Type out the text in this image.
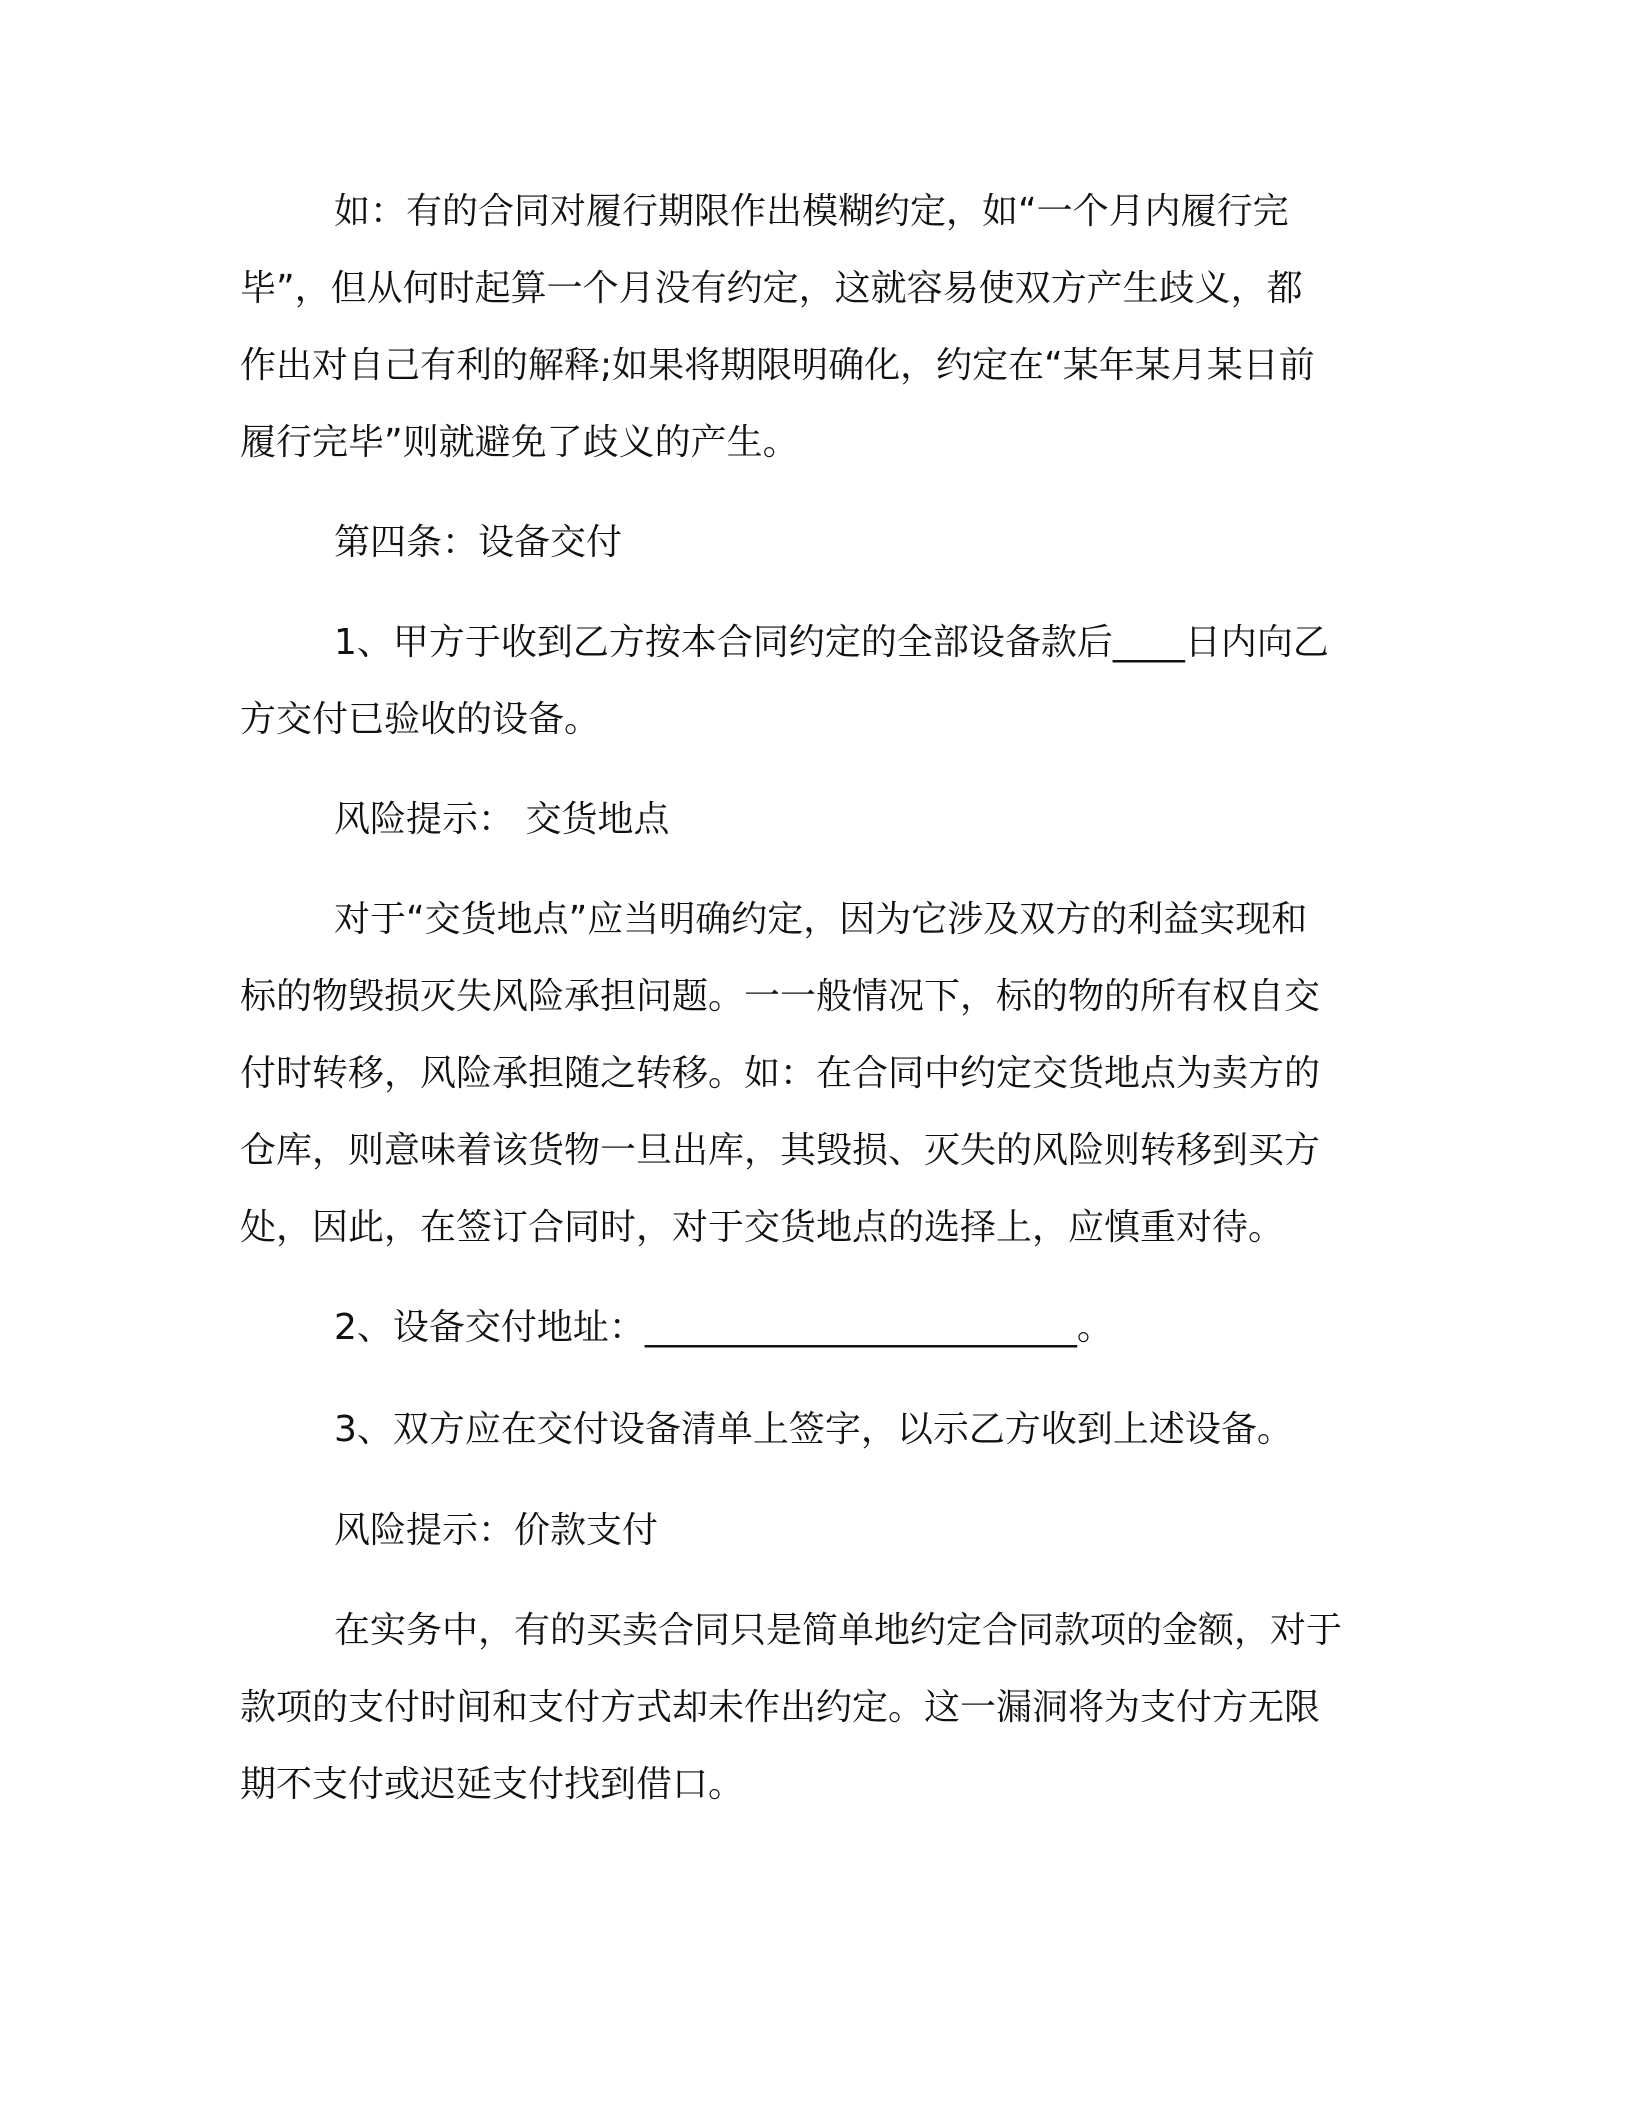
如：有的合同对履行期限作出模糊约定，如“一个月内履行完
毕”，但从何时起算一个月没有约定，这就容易使双方产生歧义，都
作出对自己有利的解释;如果将期限明确化，约定在“某年某月某日前
履行完毕”则就避免了歧义的产生。
第四条：设备交付
1、甲方于收到乙方按本合同约定的全部设备款后____日内向乙
方交付已验收的设备。
风险提示： 交货地点
对于“交货地点”应当明确约定，因为它涉及双方的利益实现和
标的物毁损灭失风险承担问题。一一般情况下，标的物的所有权自交
付时转移，风险承担随之转移。如：在合同中约定交货地点为卖方的
仓库，则意味着该货物一旦出库，其毁损、灭失的风险则转移到买方
处，因此，在签订合同时，对于交货地点的选择上，应慎重对待。
2、设备交付地址：________________________。
3、双方应在交付设备清单上签字，以示乙方收到上述设备。
风险提示：价款支付
在实务中，有的买卖合同只是简单地约定合同款项的金额，对于
款项的支付时间和支付方式却未作出约定。这一漏洞将为支付方无限
期不支付或迟延支付找到借口。
